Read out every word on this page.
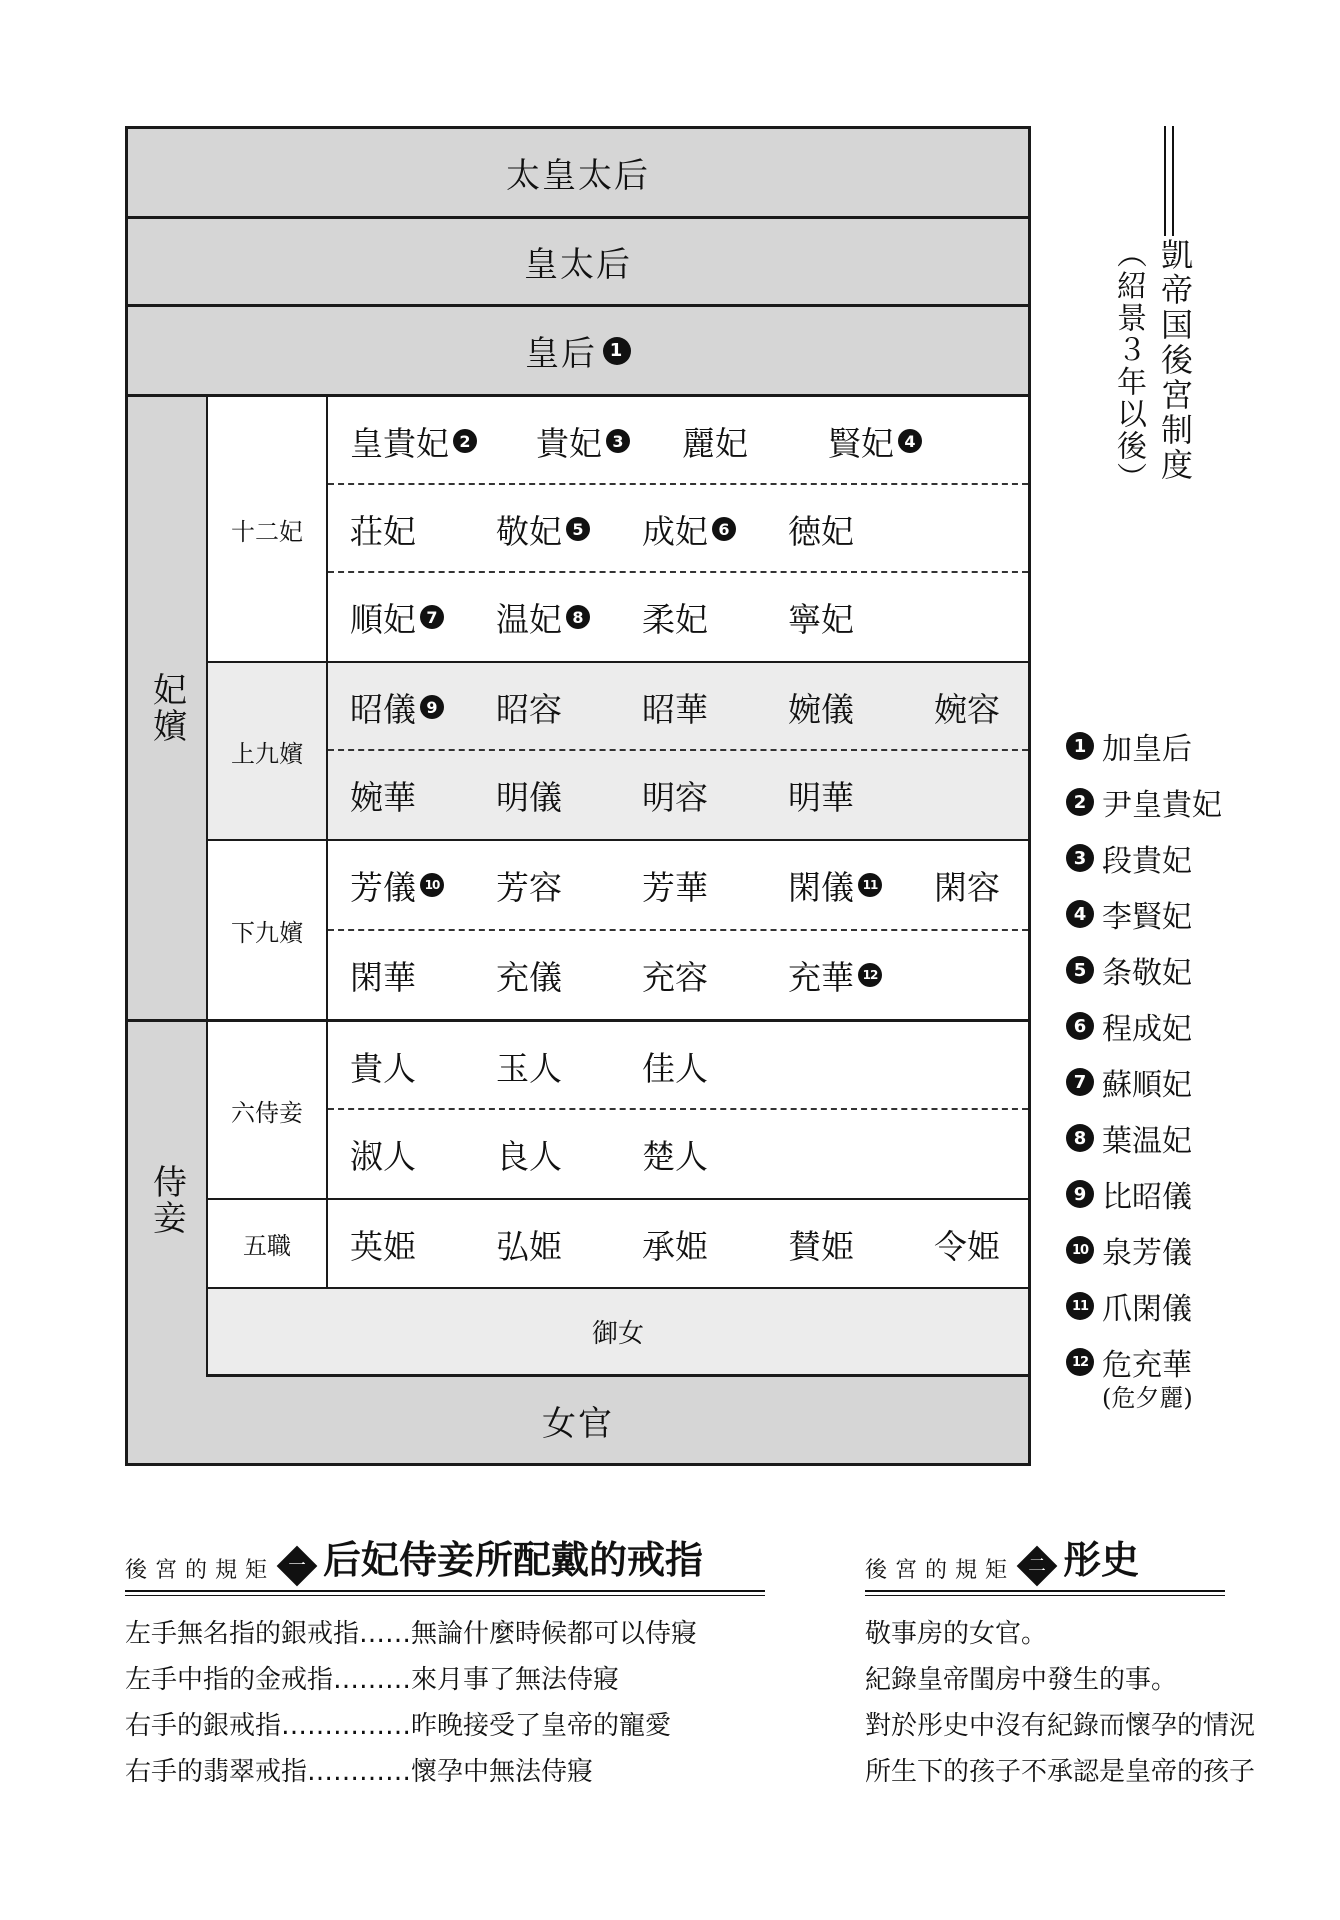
太皇太后
皇太后
皇后 1
妃嬪
侍妾
十二妃
上九嬪
下九嬪
六侍妾
五職
皇貴妃 2 貴妃 3 麗妃 賢妃 4
荘妃 敬妃 5 成妃 6 徳妃
順妃 7 温妃 8 柔妃 寧妃
昭儀 9 昭容 昭華 婉儀 婉容
婉華 明儀 明容 明華
芳儀 10 芳容 芳華 閑儀 11 閑容
閑華 充儀 充容 充華 12
貴人 玉人 佳人
淑人 良人 楚人
英姫 弘姫 承姫 賛姫 令姫
御女
女官
凱帝国後宮制度
（紹景３年以後）
1 加皇后
2 尹皇貴妃
3 段貴妃
4 李賢妃
5 条敬妃
6 程成妃
7 蘇順妃
8 葉温妃
9 比昭儀
10 泉芳儀
11 爪閑儀
12 危充華
(危夕麗)
後宮的規矩 一 后妃侍妾所配戴的戒指
左手無名指的銀戒指……無論什麼時候都可以侍寢
左手中指的金戒指………來月事了無法侍寢
右手的銀戒指……………昨晚接受了皇帝的寵愛
右手的翡翠戒指…………懷孕中無法侍寢
後宮的規矩 二 彤史
敬事房的女官。
紀錄皇帝閨房中發生的事。
對於彤史中沒有紀錄而懷孕的情況
所生下的孩子不承認是皇帝的孩子
